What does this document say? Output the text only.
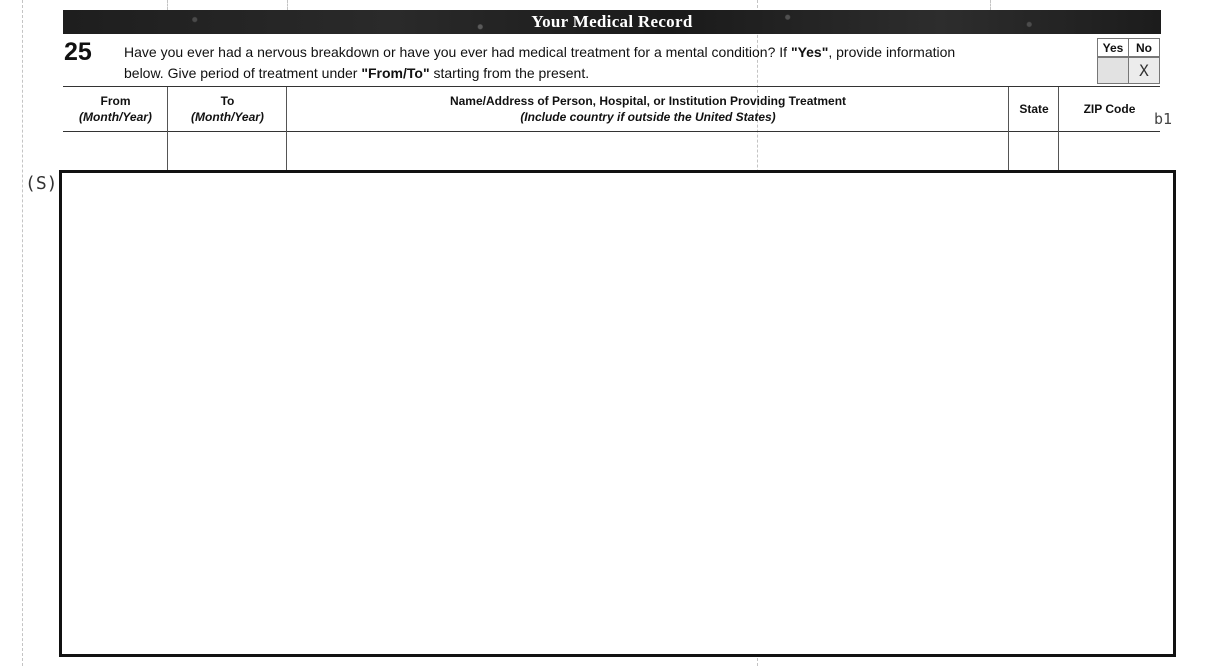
Your Medical Record
25 Have you ever had a nervous breakdown or have you ever had medical treatment for a mental condition? If "Yes", provide information
below. Give period of treatment under "From/To" starting from the present.
Yes	No
X
From
(Month/Year)
To
(Month/Year)
Name/Address of Person, Hospital, or Institution Providing Treatment
(Include country if outside the United States)
State	ZIP Code
b1
(S)
